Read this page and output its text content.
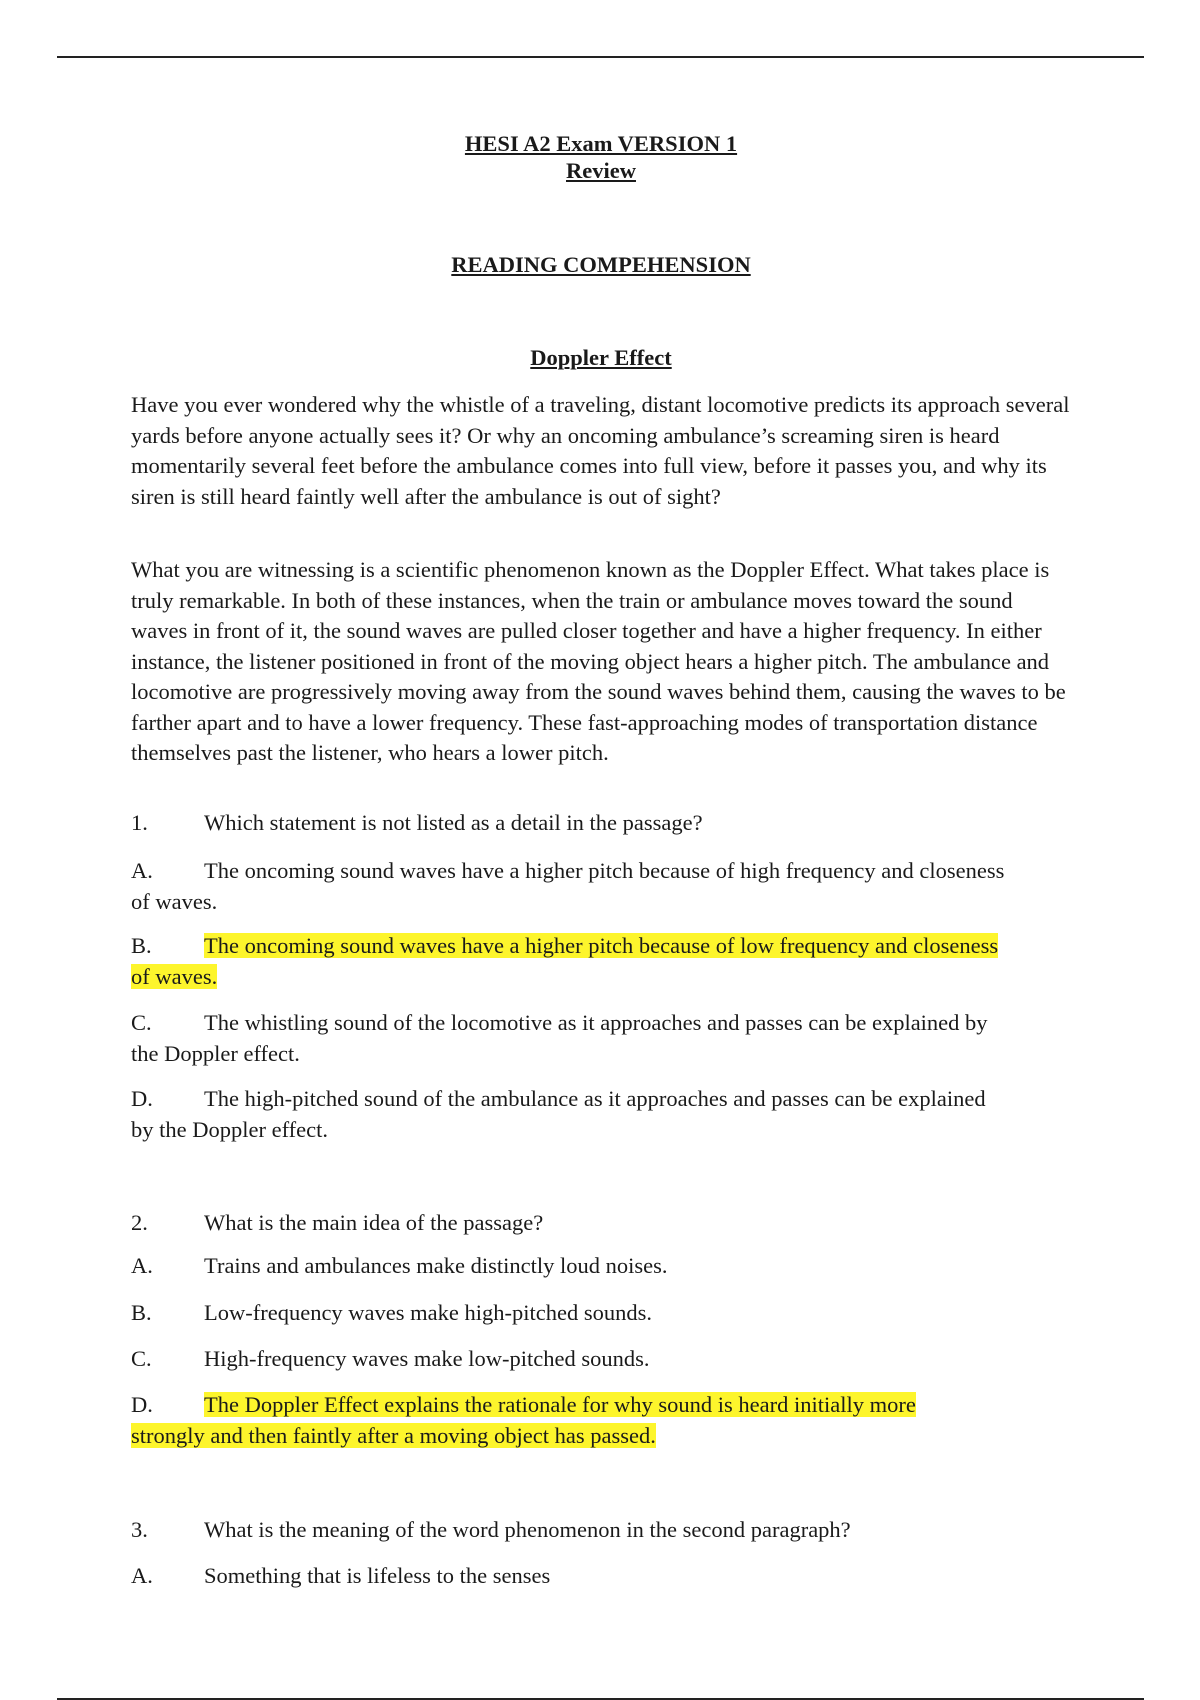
HESI A2 Exam VERSION 1

Review

READING COMPEHENSION

Doppler Effect

Have you ever wondered why the whistle of a traveling, distant locomotive predicts its approach several yards before anyone actually sees it? Or why an oncoming ambulance’s screaming siren is heard momentarily several feet before the ambulance comes into full view, before it passes you, and why its siren is still heard faintly well after the ambulance is out of sight?

What you are witnessing is a scientific phenomenon known as the Doppler Effect. What takes place is truly remarkable. In both of these instances, when the train or ambulance moves toward the sound waves in front of it, the sound waves are pulled closer together and have a higher frequency. In either instance, the listener positioned in front of the moving object hears a higher pitch. The ambulance and locomotive are progressively moving away from the sound waves behind them, causing the waves to be farther apart and to have a lower frequency. These fast-approaching modes of transportation distance themselves past the listener, who hears a lower pitch.

1. Which statement is not listed as a detail in the passage?
A. The oncoming sound waves have a higher pitch because of high frequency and closeness of waves.
B. The oncoming sound waves have a higher pitch because of low frequency and closeness of waves.
C. The whistling sound of the locomotive as it approaches and passes can be explained by the Doppler effect.
D. The high-pitched sound of the ambulance as it approaches and passes can be explained by the Doppler effect.
2. What is the main idea of the passage?
A. Trains and ambulances make distinctly loud noises.
B. Low-frequency waves make high-pitched sounds.
C. High-frequency waves make low-pitched sounds.
D. The Doppler Effect explains the rationale for why sound is heard initially more strongly and then faintly after a moving object has passed.
3. What is the meaning of the word phenomenon in the second paragraph?
A. Something that is lifeless to the senses
